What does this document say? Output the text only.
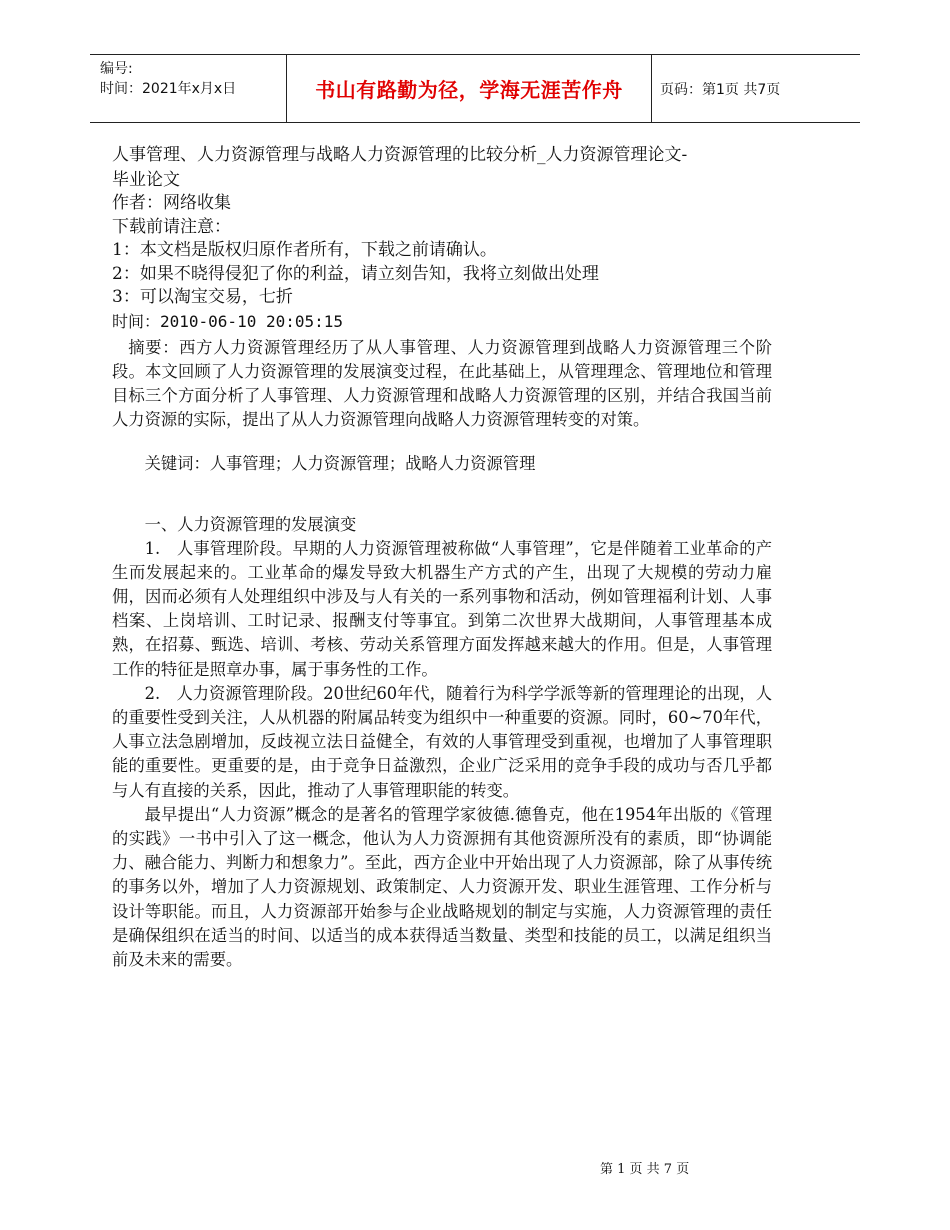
编号:
时间：2021年x月x日	书山有路勤为径，学海无涯苦作舟	页码：第1页 共7页
人事管理、人力资源管理与战略人力资源管理的比较分析_人力资源管理论文-
毕业论文
作者：网络收集
下载前请注意：
1：本文档是版权归原作者所有，下载之前请确认。
2：如果不晓得侵犯了你的利益，请立刻告知，我将立刻做出处理
3：可以淘宝交易，七折
时间：2010-06-10 20:05:15

摘要：西方人力资源管理经历了从人事管理、人力资源管理到战略人力资源管理三个阶段。本文回顾了人力资源管理的发展演变过程，在此基础上，从管理理念、管理地位和管理目标三个方面分析了人事管理、人力资源管理和战略人力资源管理的区别，并结合我国当前人力资源的实际，提出了从人力资源管理向战略人力资源管理转变的对策。

关键词：人事管理；人力资源管理；战略人力资源管理
一、人力资源管理的发展演变

1.　人事管理阶段。早期的人力资源管理被称做“人事管理”，它是伴随着工业革命的产生而发展起来的。工业革命的爆发导致大机器生产方式的产生，出现了大规模的劳动力雇佣，因而必须有人处理组织中涉及与人有关的一系列事物和活动，例如管理福利计划、人事档案、上岗培训、工时记录、报酬支付等事宜。到第二次世界大战期间，人事管理基本成熟，在招募、甄选、培训、考核、劳动关系管理方面发挥越来越大的作用。但是，人事管理工作的特征是照章办事，属于事务性的工作。

2.　人力资源管理阶段。20世纪60年代，随着行为科学学派等新的管理理论的出现，人的重要性受到关注，人从机器的附属品转变为组织中一种重要的资源。同时，60~70年代，人事立法急剧增加，反歧视立法日益健全，有效的人事管理受到重视，也增加了人事管理职能的重要性。更重要的是，由于竞争日益激烈，企业广泛采用的竞争手段的成功与否几乎都与人有直接的关系，因此，推动了人事管理职能的转变。

最早提出“人力资源”概念的是著名的管理学家彼德.德鲁克，他在1954年出版的《管理的实践》一书中引入了这一概念，他认为人力资源拥有其他资源所没有的素质，即“协调能力、融合能力、判断力和想象力”。至此，西方企业中开始出现了人力资源部，除了从事传统的事务以外，增加了人力资源规划、政策制定、人力资源开发、职业生涯管理、工作分析与设计等职能。而且，人力资源部开始参与企业战略规划的制定与实施，人力资源管理的责任是确保组织在适当的时间、以适当的成本获得适当数量、类型和技能的员工，以满足组织当前及未来的需要。

第 1 页 共 7 页
